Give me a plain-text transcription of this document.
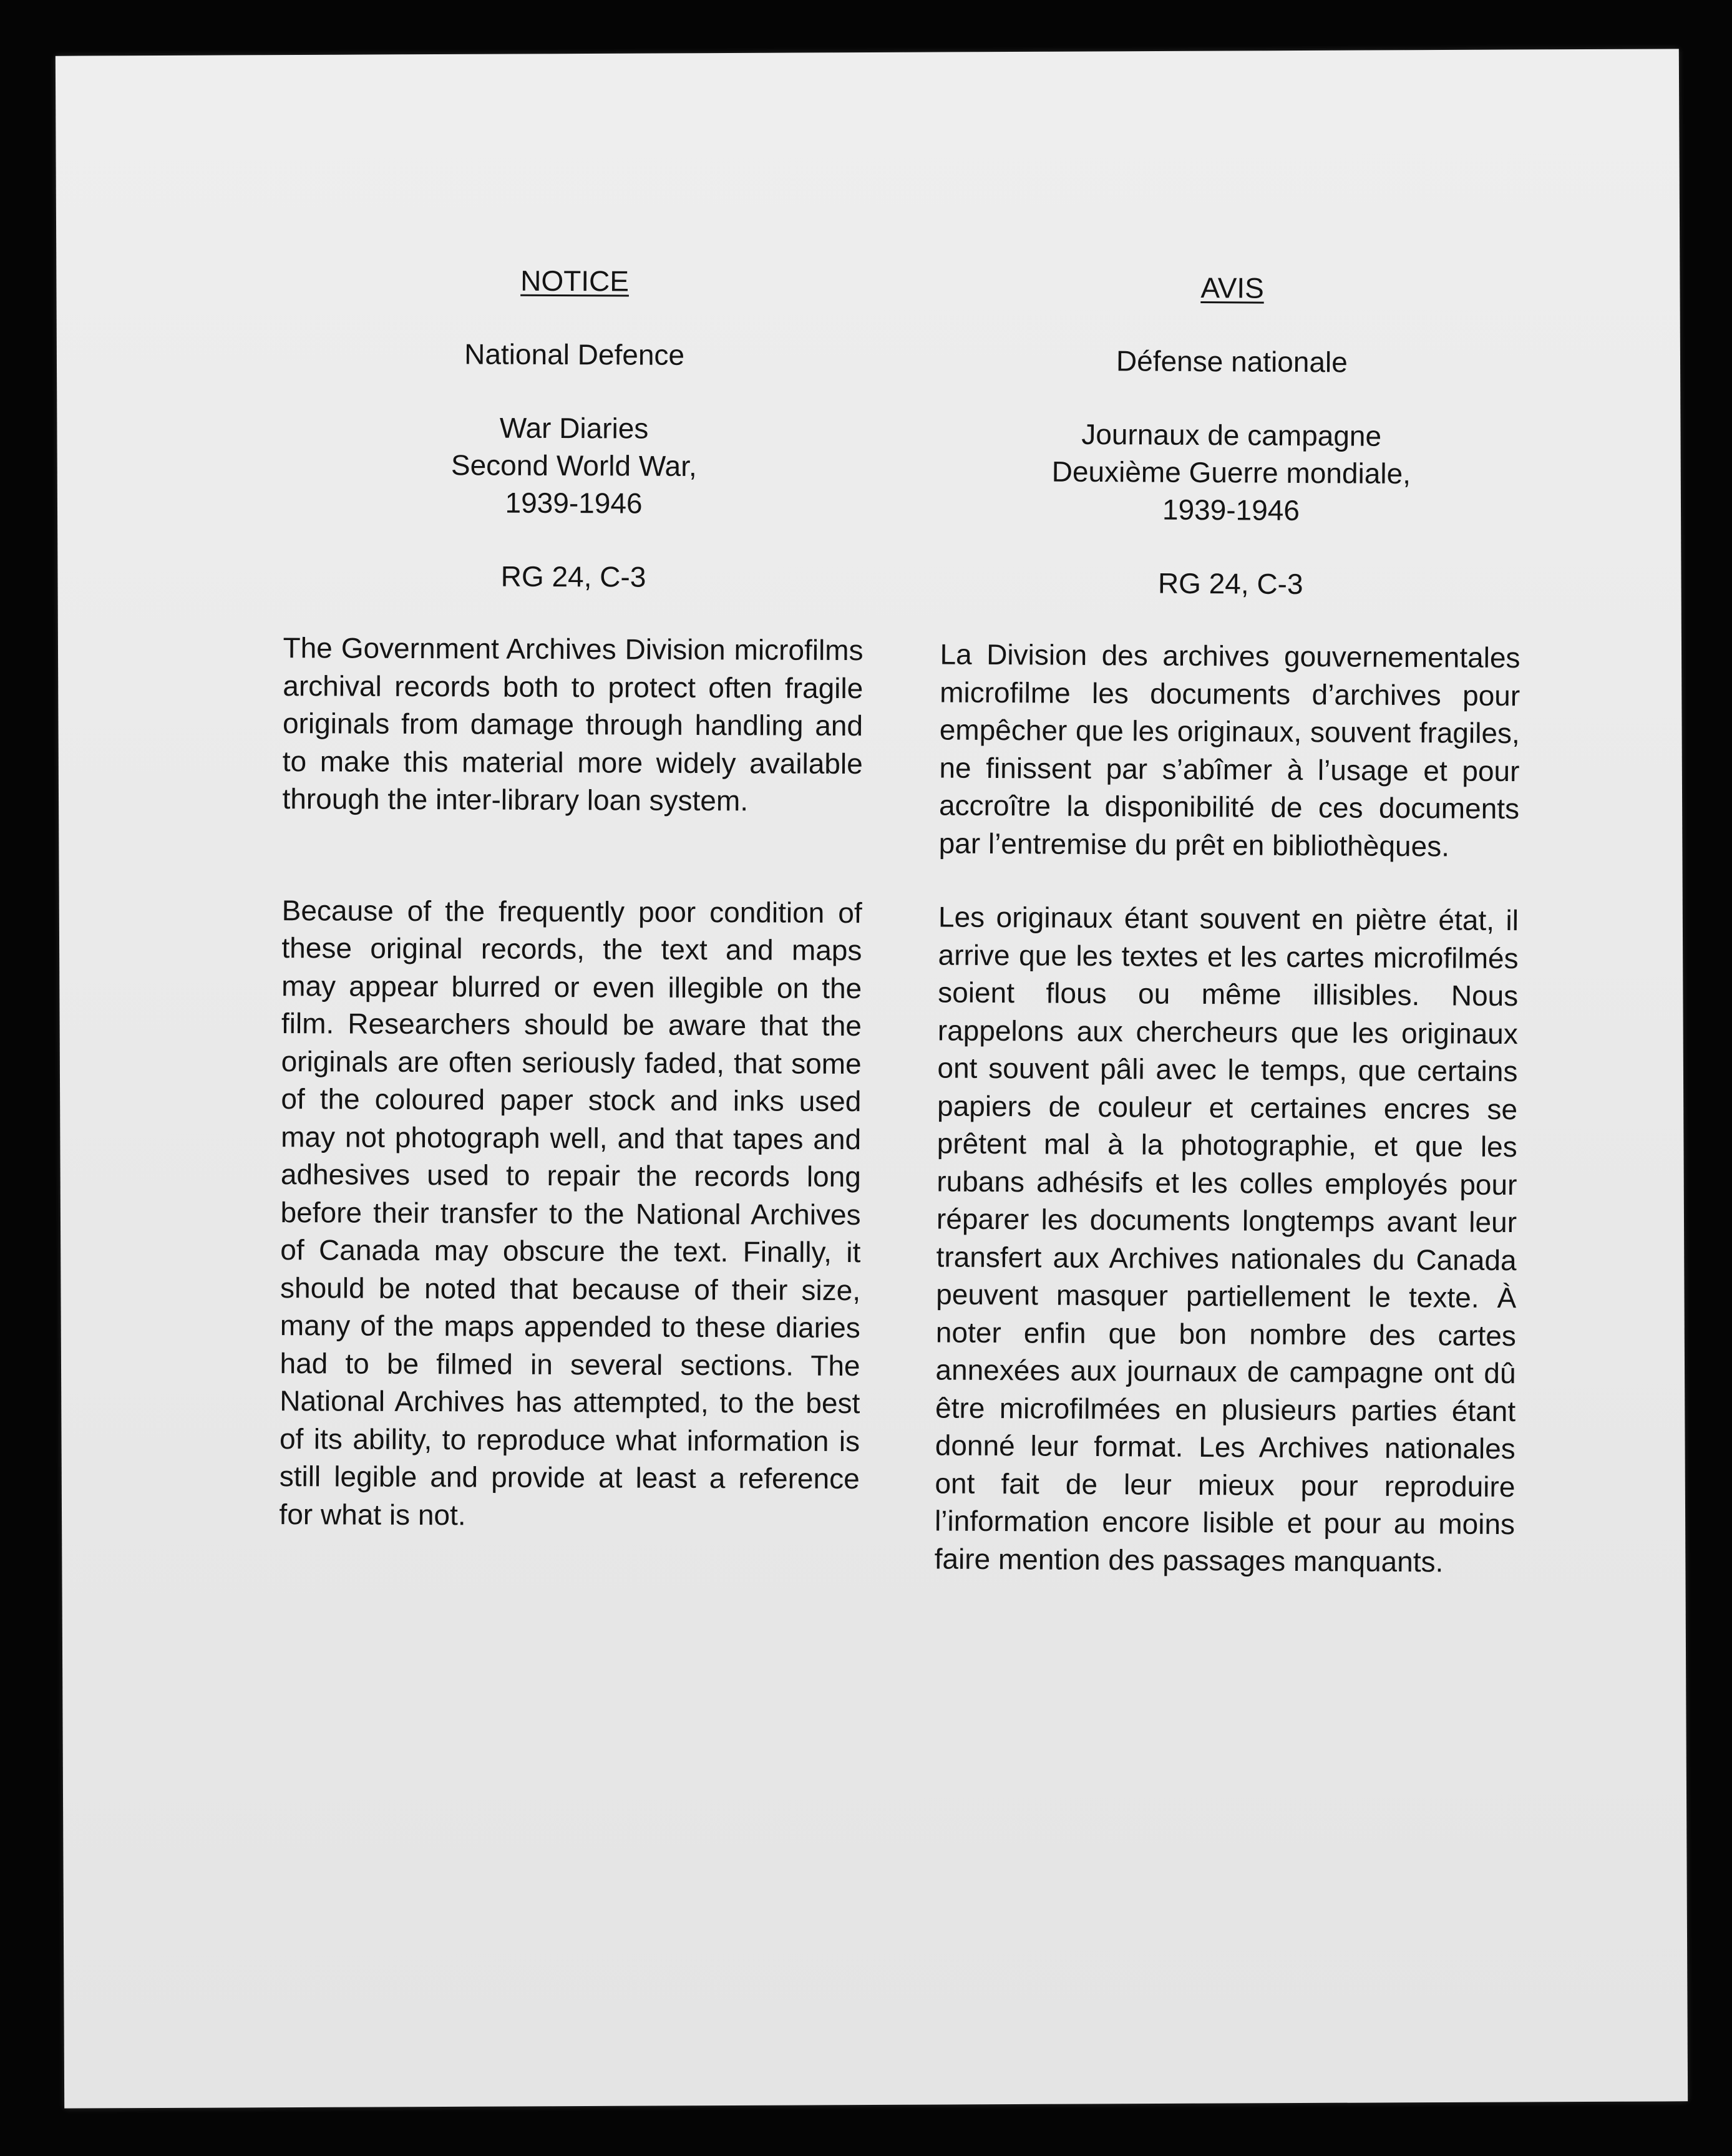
NOTICE

National Defence

War Diaries
Second World War,
1939-1946

RG 24, C-3

The Government Archives Division microfilms archival records both to protect often fragile originals from damage through handling and to make this material more widely available through the inter-library loan system.

Because of the frequently poor condition of these original records, the text and maps may appear blurred or even illegible on the film. Researchers should be aware that the originals are often seriously faded, that some of the coloured paper stock and inks used may not photograph well, and that tapes and adhesives used to repair the records long before their transfer to the National Archives of Canada may obscure the text. Finally, it should be noted that because of their size, many of the maps appended to these diaries had to be filmed in several sections. The National Archives has attempted, to the best of its ability, to reproduce what information is still legible and provide at least a reference for what is not.

AVIS

Défense nationale

Journaux de campagne
Deuxième Guerre mondiale,
1939-1946

RG 24, C-3

La Division des archives gouvernementales microfilme les documents d’archives pour empêcher que les originaux, souvent fragiles, ne finissent par s’abîmer à l’usage et pour accroître la disponibilité de ces documents par l’entremise du prêt en bibliothèques.

Les originaux étant souvent en piètre état, il arrive que les textes et les cartes microfilmés soient flous ou même illisibles. Nous rappelons aux chercheurs que les originaux ont souvent pâli avec le temps, que certains papiers de couleur et certaines encres se prêtent mal à la photographie, et que les rubans adhésifs et les colles employés pour réparer les documents longtemps avant leur transfert aux Archives nationales du Canada peuvent masquer partiellement le texte. À noter enfin que bon nombre des cartes annexées aux journaux de campagne ont dû être microfilmées en plusieurs parties étant donné leur format. Les Archives nationales ont fait de leur mieux pour reproduire l’information encore lisible et pour au moins faire mention des passages manquants.
